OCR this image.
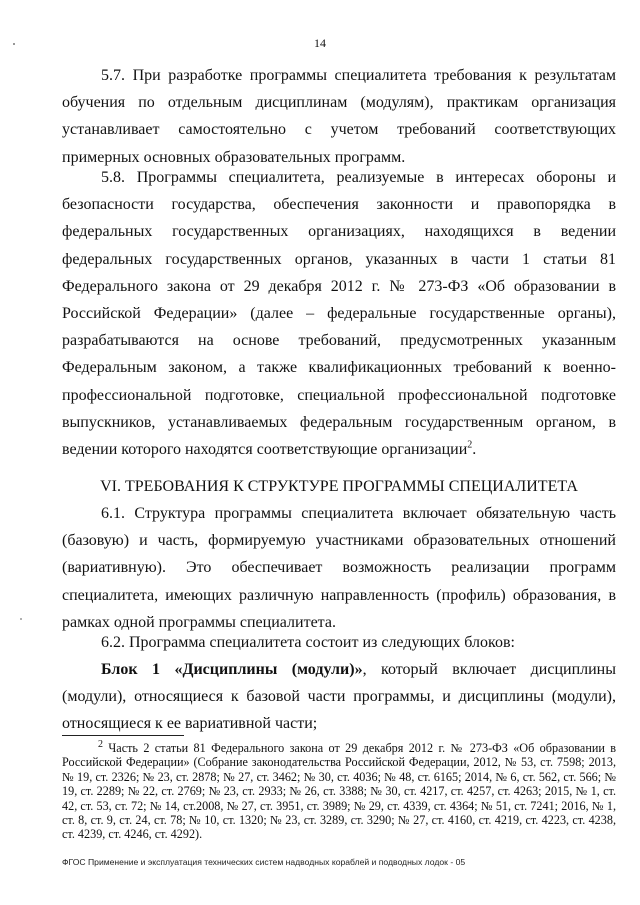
14

5.7. При разработке программы специалитета требования к результатам обучения по отдельным дисциплинам (модулям), практикам организация устанавливает самостоятельно с учетом требований соответствующих примерных основных образовательных программ.

5.8. Программы специалитета, реализуемые в интересах обороны и безопасности государства, обеспечения законности и правопорядка в федеральных государственных организациях, находящихся в ведении федеральных государственных органов, указанных в части 1 статьи 81 Федерального закона от 29 декабря 2012 г. № 273-ФЗ «Об образовании в Российской Федерации» (далее – федеральные государственные органы), разрабатываются на основе требований, предусмотренных указанным Федеральным законом, а также квалификационных требований к военно-профессиональной подготовке, специальной профессиональной подготовке выпускников, устанавливаемых федеральным государственным органом, в ведении которого находятся соответствующие организации$^2$.

VI. ТРЕБОВАНИЯ К СТРУКТУРЕ ПРОГРАММЫ СПЕЦИАЛИТЕТА

6.1. Структура программы специалитета включает обязательную часть (базовую) и часть, формируемую участниками образовательных отношений (вариативную). Это обеспечивает возможность реализации программ специалитета, имеющих различную направленность (профиль) образования, в рамках одной программы специалитета.

6.2. Программа специалитета состоит из следующих блоков:

Блок 1 «Дисциплины (модули)», который включает дисциплины (модули), относящиеся к базовой части программы, и дисциплины (модули), относящиеся к ее вариативной части;

$^2$ Часть 2 статьи 81 Федерального закона от 29 декабря 2012 г. № 273-ФЗ «Об образовании в Российской Федерации» (Собрание законодательства Российской Федерации, 2012, № 53, ст. 7598; 2013, № 19, ст. 2326; № 23, ст. 2878; № 27, ст. 3462; № 30, ст. 4036; № 48, ст. 6165; 2014, № 6, ст. 562, ст. 566; № 19, ст. 2289; № 22, ст. 2769; № 23, ст. 2933; № 26, ст. 3388; № 30, ст. 4217, ст. 4257, ст. 4263; 2015, № 1, ст. 42, ст. 53, ст. 72; № 14, ст.2008, № 27, ст. 3951, ст. 3989; № 29, ст. 4339, ст. 4364; № 51, ст. 7241; 2016, № 1, ст. 8, ст. 9, ст. 24, ст. 78; № 10, ст. 1320; № 23, ст. 3289, ст. 3290; № 27, ст. 4160, ст. 4219, ст. 4223, ст. 4238, ст. 4239, ст. 4246, ст. 4292).

ФГОС Применение и эксплуатация технических систем надводных кораблей и подводных лодок - 05
